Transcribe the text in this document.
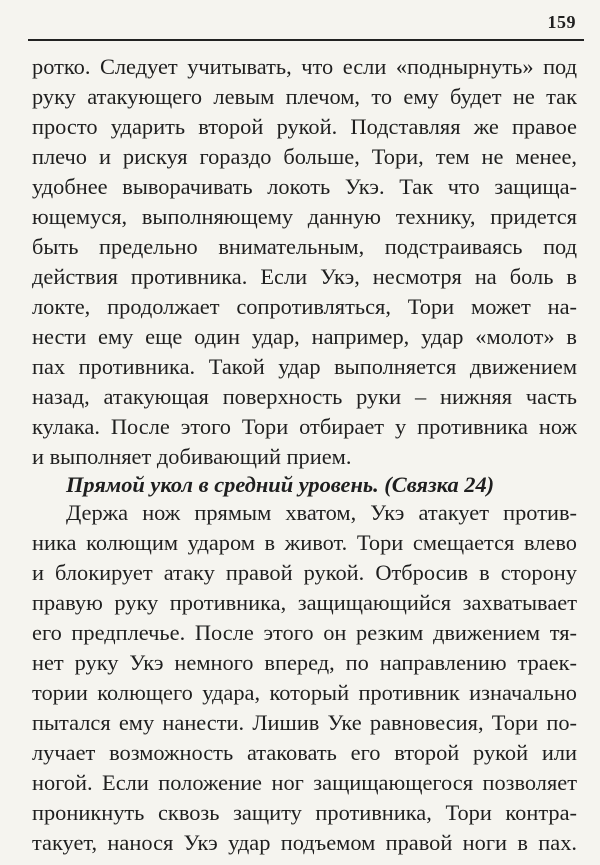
159
ротко. Следует учитывать, что если «поднырнуть» под
руку атакующего левым плечом, то ему будет не так
просто ударить второй рукой. Подставляя же правое
плечо и рискуя гораздо больше, Тори, тем не менее,
удобнее выворачивать локоть Укэ. Так что защища-
ющемуся, выполняющему данную технику, придется
быть предельно внимательным, подстраиваясь под
действия противника. Если Укэ, несмотря на боль в
локте, продолжает сопротивляться, Тори может на-
нести ему еще один удар, например, удар «молот» в
пах противника. Такой удар выполняется движением
назад, атакующая поверхность руки – нижняя часть
кулака. После этого Тори отбирает у противника нож
и выполняет добивающий прием.
Прямой укол в средний уровень. (Связка 24)
Держа нож прямым хватом, Укэ атакует против-
ника колющим ударом в живот. Тори смещается влево
и блокирует атаку правой рукой. Отбросив в сторону
правую руку противника, защищающийся захватывает
его предплечье. После этого он резким движением тя-
нет руку Укэ немного вперед, по направлению траек-
тории колющего удара, который противник изначально
пытался ему нанести. Лишив Уке равновесия, Тори по-
лучает возможность атаковать его второй рукой или
ногой. Если положение ног защищающегося позволяет
проникнуть сквозь защиту противника, Тори контра-
такует, нанося Укэ удар подъемом правой ноги в пах.
